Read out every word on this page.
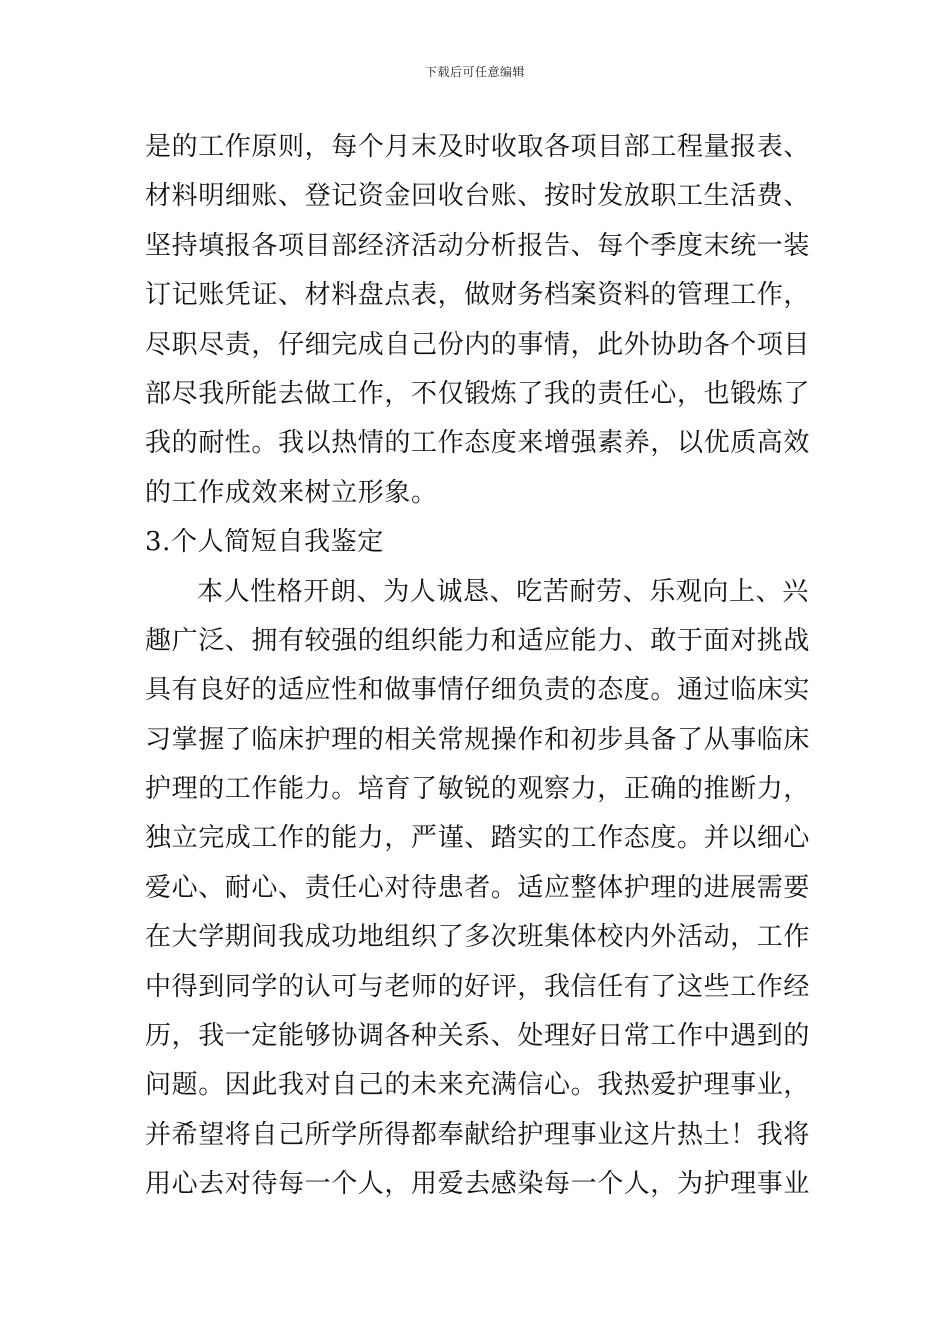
下载后可任意编辑
是的工作原则，每个月末及时收取各项目部工程量报表、
材料明细账、登记资金回收台账、按时发放职工生活费、
坚持填报各项目部经济活动分析报告、每个季度末统一装
订记账凭证、材料盘点表，做财务档案资料的管理工作，
尽职尽责，仔细完成自己份内的事情，此外协助各个项目
部尽我所能去做工作，不仅锻炼了我的责任心，也锻炼了
我的耐性。我以热情的工作态度来增强素养，以优质高效
的工作成效来树立形象。
3.个人简短自我鉴定
本人性格开朗、为人诚恳、吃苦耐劳、乐观向上、兴
趣广泛、拥有较强的组织能力和适应能力、敢于面对挑战
具有良好的适应性和做事情仔细负责的态度。通过临床实
习掌握了临床护理的相关常规操作和初步具备了从事临床
护理的工作能力。培育了敏锐的观察力，正确的推断力，
独立完成工作的能力，严谨、踏实的工作态度。并以细心
爱心、耐心、责任心对待患者。适应整体护理的进展需要
在大学期间我成功地组织了多次班集体校内外活动，工作
中得到同学的认可与老师的好评，我信任有了这些工作经
历，我一定能够协调各种关系、处理好日常工作中遇到的
问题。因此我对自己的未来充满信心。我热爱护理事业，
并希望将自己所学所得都奉献给护理事业这片热土！我将
用心去对待每一个人，用爱去感染每一个人，为护理事业
